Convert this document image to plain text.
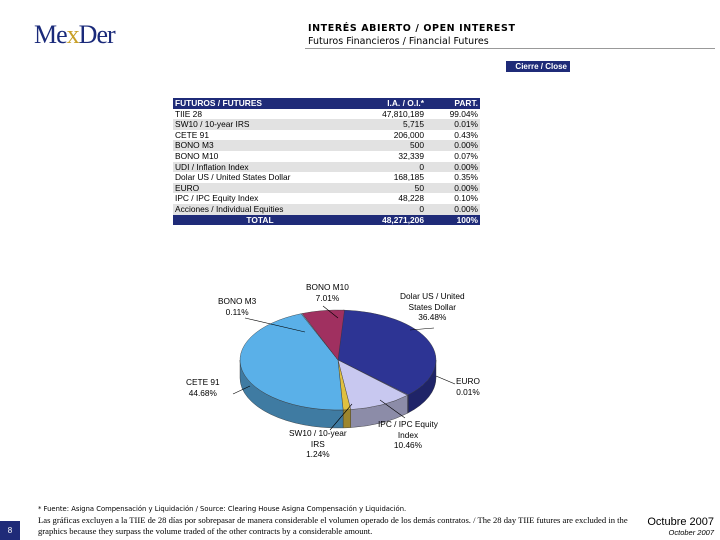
MexDer	INTERÉS ABIERTO / OPEN INTEREST
Futuros Financieros / Financial Futures
Cierre / Close
FUTUROS / FUTURES	I.A. / O.I.*	PART.
TIIE 28	47,810,189	99.04%
SW10 / 10-year IRS	5,715	0.01%
CETE 91	206,000	0.43%
BONO M3	500	0.00%
BONO M10	32,339	0.07%
UDI / Inflation Index	0	0.00%
Dolar US / United States Dollar	168,185	0.35%
EURO	50	0.00%
IPC / IPC Equity Index	48,228	0.10%
Acciones / Individual Equities	0	0.00%
TOTAL	48,271,206	100%
BONO M10
7.01%	Dolar US / United
States Dollar
36.48%
BONO M3
0.11%
CETE 91
44.68%
EURO
0.01%
IPC / IPC Equity
Index
10.46%
SW10 / 10-year
IRS
1.24%
* Fuente: Asigna Compensación y Liquidación / Source: Clearing House Asigna Compensación y Liquidación.
Las gráficas excluyen a la TIIE de 28 días por sobrepasar de manera considerable el volumen operado de los demás contratos. / The 28 day TIIE futures are excluded in the graphics because they surpass the volume traded of the other contracts by a considerable amount.
8
Octubre 2007
October 2007
